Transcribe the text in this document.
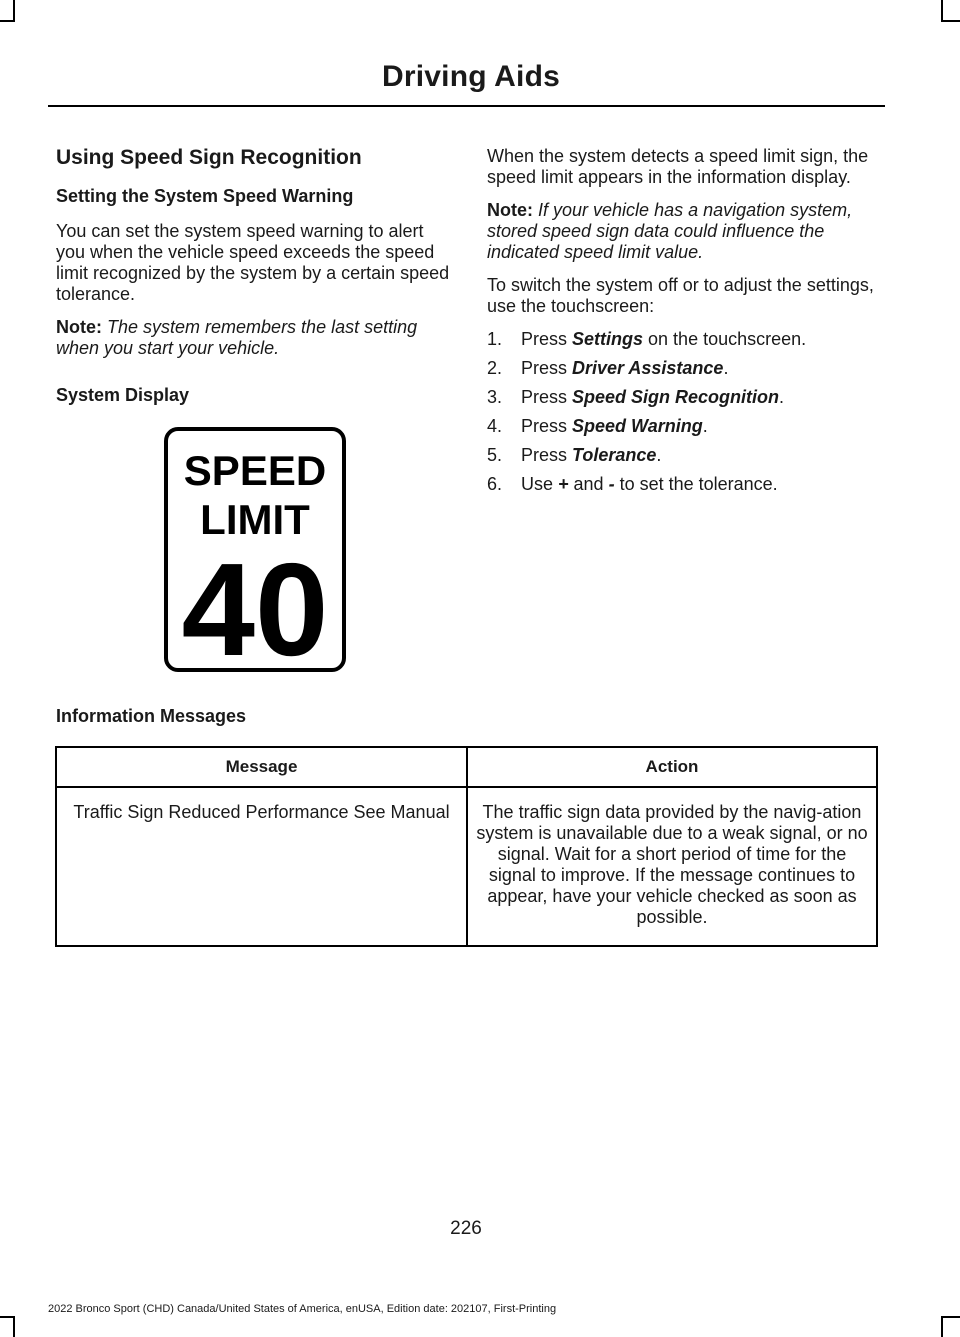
Driving Aids
Using Speed Sign Recognition
Setting the System Speed Warning

You can set the system speed warning to alert you when the vehicle speed exceeds the speed limit recognized by the system by a certain speed tolerance.

Note: The system remembers the last setting when you start your vehicle.

System Display
SPEED
LIMIT
40

When the system detects a speed limit sign, the speed limit appears in the information display.

Note: If your vehicle has a navigation system, stored speed sign data could influence the indicated speed limit value.

To switch the system off or to adjust the settings, use the touchscreen:

1.	Press Settings on the touchscreen.
2.	Press Driver Assistance.
3.	Press Speed Sign Recognition.
4.	Press Speed Warning.
5.	Press Tolerance.
6.	Use + and - to set the tolerance.
Information Messages
Message	Action
Traffic Sign Reduced Performance See Manual	The traffic sign data provided by the navig-ation system is unavailable due to a weak signal, or no signal. Wait for a short period of time for the signal to improve. If the message continues to appear, have your vehicle checked as soon as possible.
226
2022 Bronco Sport (CHD) Canada/United States of America, enUSA, Edition date: 202107, First-Printing
